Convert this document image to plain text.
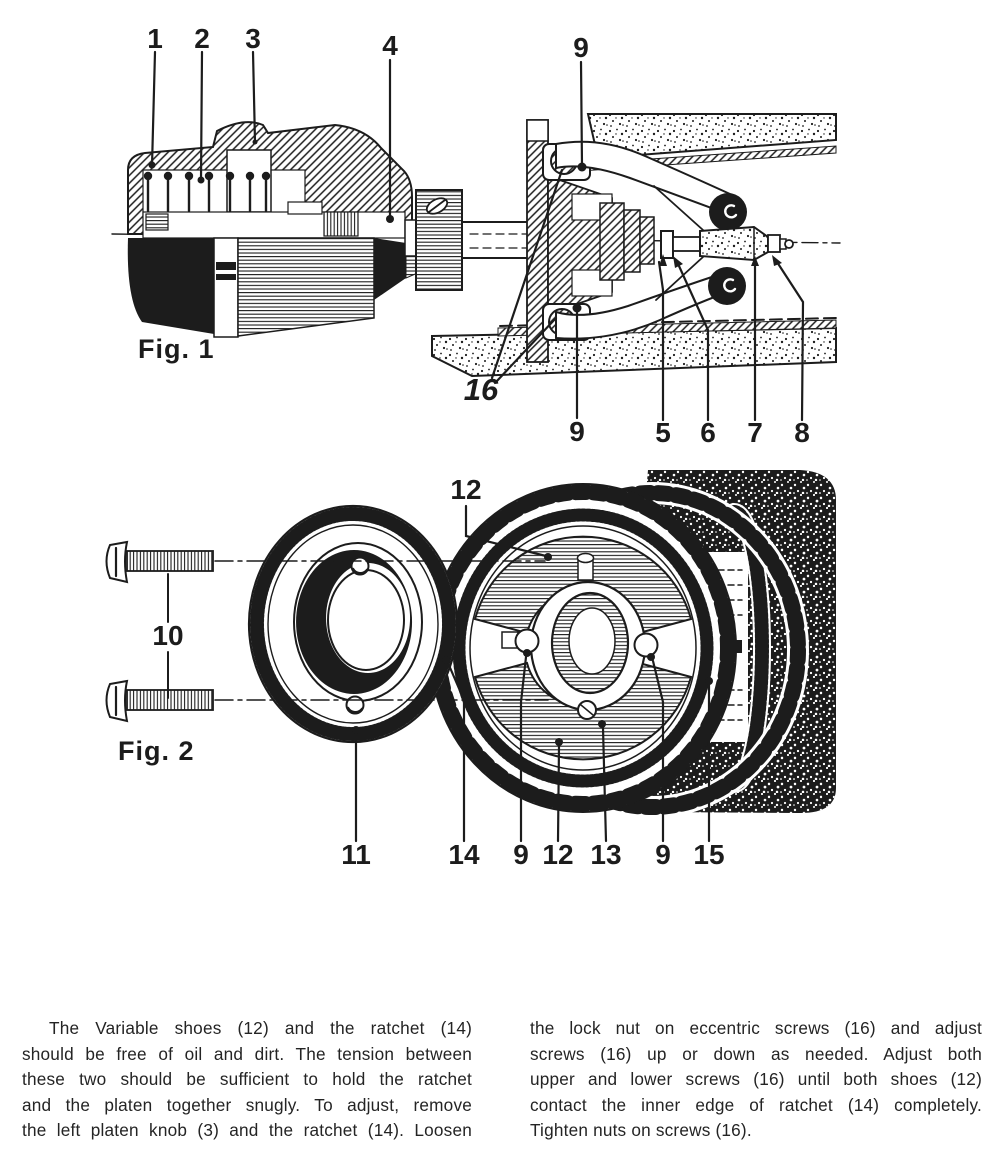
1 2 3	4	9
16
9	5 6 7 8
Fig. 1
12
10
11	14 9 12 13 9 15
Fig. 2
The Variable shoes (12) and the ratchet (14)
should be free of oil and dirt. The tension between
these two should be sufficient to hold the ratchet
and the platen together snugly. To adjust, remove
the left platen knob (3) and the ratchet (14). Loosen
the lock nut on eccentric screws (16) and adjust
screws (16) up or down as needed. Adjust both
upper and lower screws (16) until both shoes (12)
contact the inner edge of ratchet (14) completely.
Tighten nuts on screws (16).
